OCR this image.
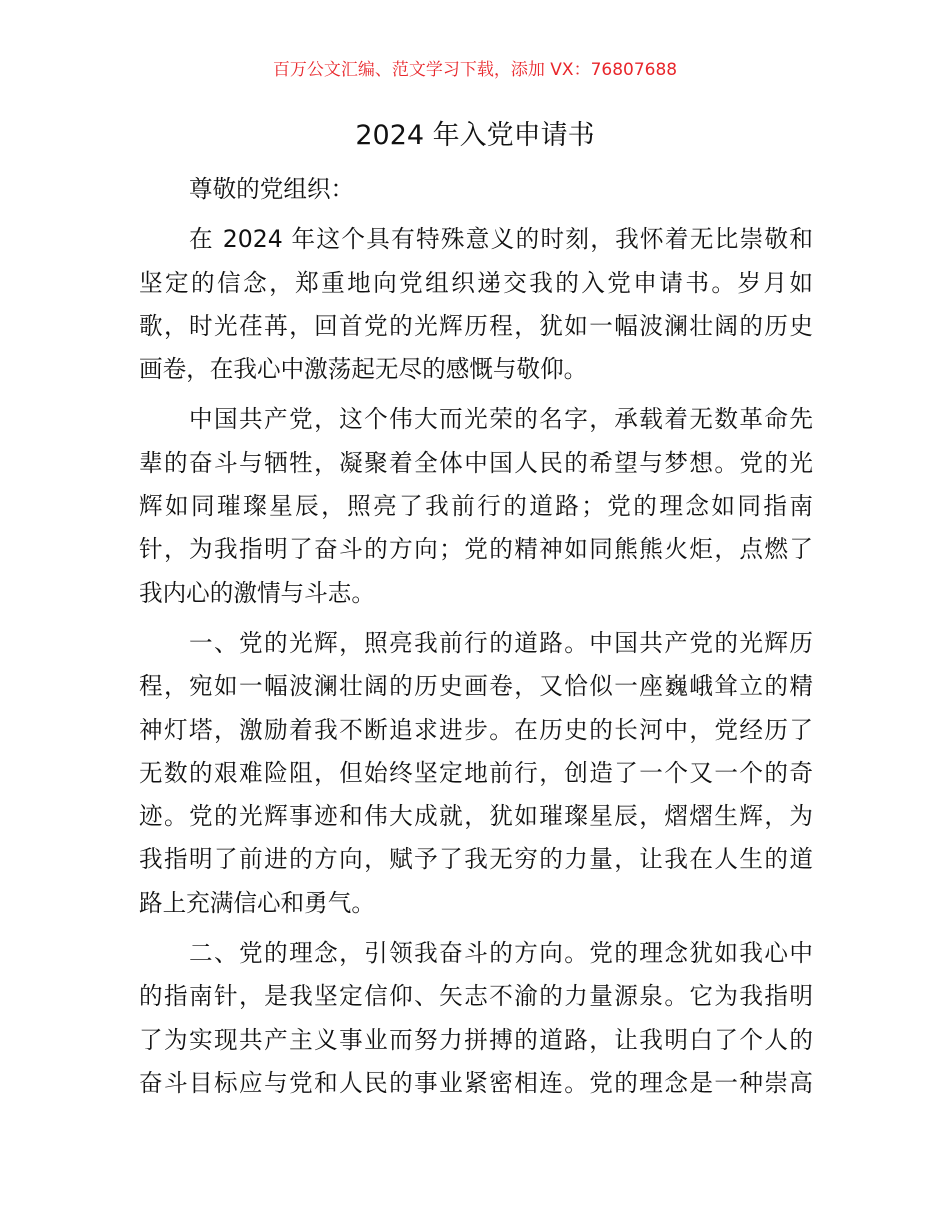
百万公文汇编、范文学习下载，添加 VX：76807688
2024 年入党申请书
尊敬的党组织：
在 2024 年这个具有特殊意义的时刻，我怀着无比崇敬和
坚定的信念，郑重地向党组织递交我的入党申请书。岁月如
歌，时光荏苒，回首党的光辉历程，犹如一幅波澜壮阔的历史
画卷，在我心中激荡起无尽的感慨与敬仰。
中国共产党，这个伟大而光荣的名字，承载着无数革命先
辈的奋斗与牺牲，凝聚着全体中国人民的希望与梦想。党的光
辉如同璀璨星辰，照亮了我前行的道路；党的理念如同指南
针，为我指明了奋斗的方向；党的精神如同熊熊火炬，点燃了
我内心的激情与斗志。
一、党的光辉，照亮我前行的道路。中国共产党的光辉历
程，宛如一幅波澜壮阔的历史画卷，又恰似一座巍峨耸立的精
神灯塔，激励着我不断追求进步。在历史的长河中，党经历了
无数的艰难险阻，但始终坚定地前行，创造了一个又一个的奇
迹。党的光辉事迹和伟大成就，犹如璀璨星辰，熠熠生辉，为
我指明了前进的方向，赋予了我无穷的力量，让我在人生的道
路上充满信心和勇气。
二、党的理念，引领我奋斗的方向。党的理念犹如我心中
的指南针，是我坚定信仰、矢志不渝的力量源泉。它为我指明
了为实现共产主义事业而努力拼搏的道路，让我明白了个人的
奋斗目标应与党和人民的事业紧密相连。党的理念是一种崇高
